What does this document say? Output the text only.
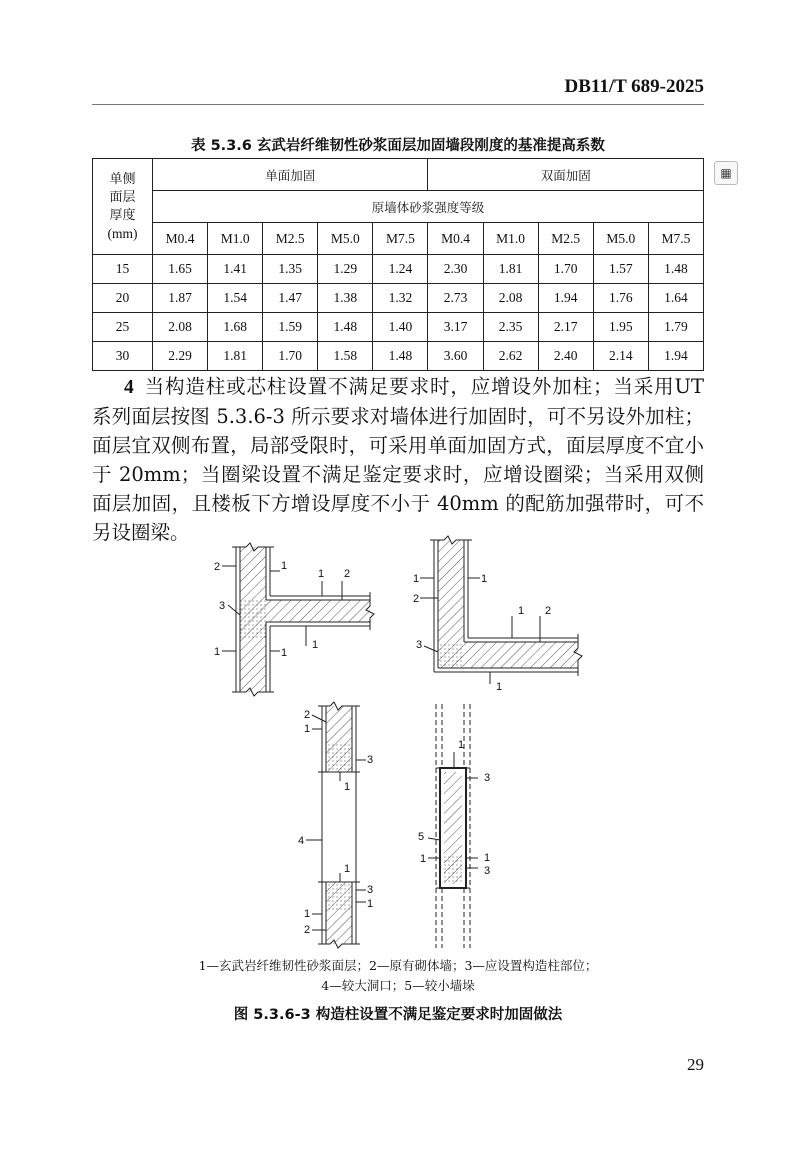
DB11/T 689-2025
表 5.3.6 玄武岩纤维韧性砂浆面层加固墙段刚度的基准提高系数
单侧
面层
厚度
(mm)	单面加固					双面加固				
	原墙体砂浆强度等级									
	M0.4	M1.0	M2.5	M5.0	M7.5	M0.4	M1.0	M2.5	M5.0	M7.5
15	1.65	1.41	1.35	1.29	1.24	2.30	1.81	1.70	1.57	1.48
20	1.87	1.54	1.47	1.38	1.32	2.73	2.08	1.94	1.76	1.64
25	2.08	1.68	1.59	1.48	1.40	3.17	2.35	2.17	1.95	1.79
30	2.29	1.81	1.70	1.58	1.48	3.60	2.62	2.40	2.14	1.94
▦
4 当构造柱或芯柱设置不满足要求时，应增设外加柱；当采用UT 系列面层按图 5.3.6-3 所示要求对墙体进行加固时，可不另设外加柱；面层宜双侧布置，局部受限时，可采用单面加固方式，面层厚度不宜小于 20mm；当圈梁设置不满足鉴定要求时，应增设圈梁；当采用双侧面层加固，且楼板下方增设厚度不小于 40mm 的配筋加强带时，可不另设圈梁。
2	1
1 2
3
1	1
1
1
2
1
1 2
3
1
2
1
3
1
4
1
3
1
1
2
1
3
5
1	1
3
1—玄武岩纤维韧性砂浆面层；2—原有砌体墙；3—应设置构造柱部位；
4—较大洞口；5—较小墙垛
图 5.3.6-3 构造柱设置不满足鉴定要求时加固做法
29
